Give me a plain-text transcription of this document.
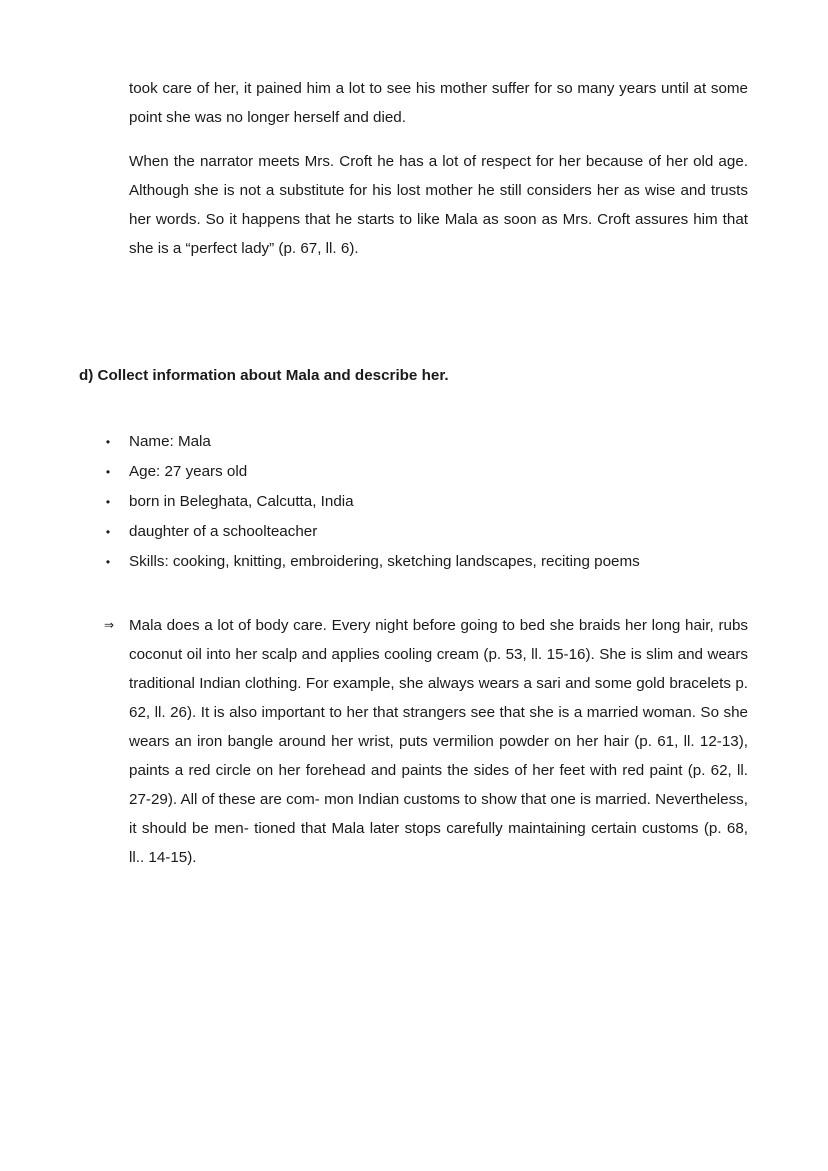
took care of her, it pained him a lot to see his mother suffer for so many years until at some point she was no longer herself and died.

When the narrator meets Mrs. Croft he has a lot of respect for her because of her old age. Although she is not a substitute for his lost mother he still considers her as wise and trusts her words. So it happens that he starts to like Mala as soon as Mrs. Croft assures him that she is a “perfect lady” (p. 67, ll. 6).

d) Collect information about Mala and describe her.
• Name: Mala
• Age: 27 years old
• born in Beleghata, Calcutta, India
• daughter of a schoolteacher
• Skills: cooking, knitting, embroidering, sketching landscapes, reciting poems
⇒ Mala does a lot of body care. Every night before going to bed she braids her long hair, rubs coconut oil into her scalp and applies cooling cream (p. 53, ll. 15-16). She is slim and wears traditional Indian clothing. For example, she always wears a sari and some gold bracelets p. 62, ll. 26). It is also important to her that strangers see that she is a married woman. So she wears an iron bangle around her wrist, puts vermilion powder on her hair (p. 61, ll. 12-13), paints a red circle on her forehead and paints the sides of her feet with red paint (p. 62, ll. 27-29). All of these are com- mon Indian customs to show that one is married. Nevertheless, it should be men- tioned that Mala later stops carefully maintaining certain customs (p. 68, ll.. 14-15).
